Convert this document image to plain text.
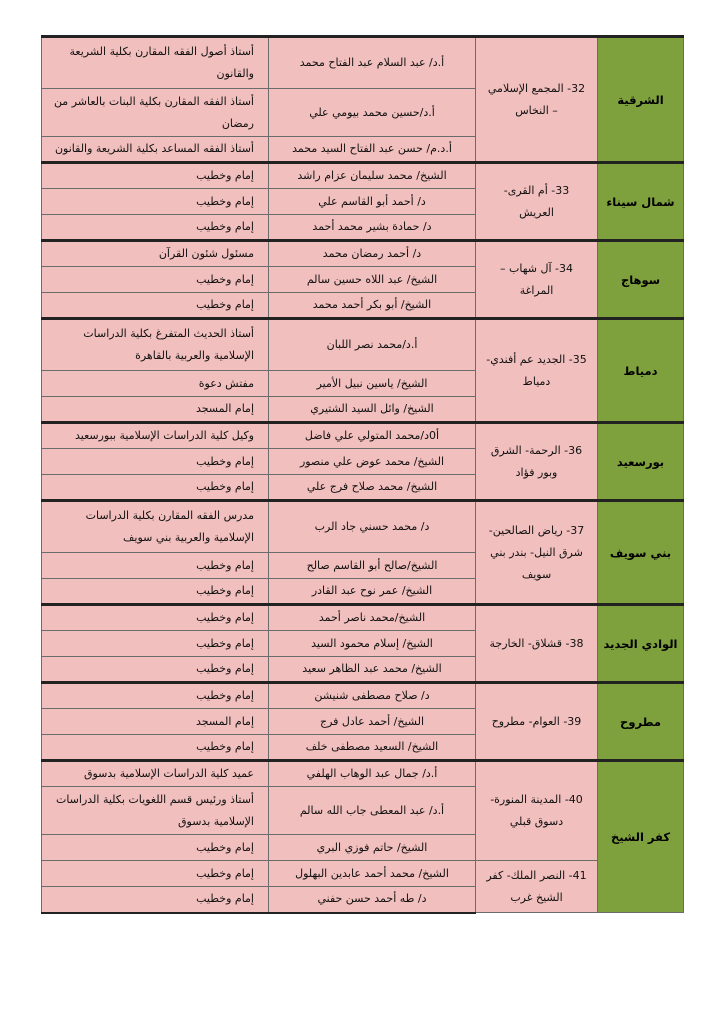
الشرقية	32- المجمع الإسلامي – النخاس	أ.د/ عبد السلام عبد الفتاح محمد	أستاذ أصول الفقه المقارن بكلية الشريعة والقانون
		أ.د/حسين محمد بيومي علي	أستاذ الفقه المقارن بكلية البنات بالعاشر من رمضان
		أ.د.م/ حسن عبد الفتاح السيد محمد	أستاذ الفقه المساعد بكلية الشريعة والقانون
شمال سيناء	33- أم القرى- العريش	الشيخ/ محمد سليمان عزام راشد	إمام وخطيب
		د/ أحمد أبو القاسم علي	إمام وخطيب
		د/ حمادة بشير محمد أحمد	إمام وخطيب
سوهاج	34- آل شهاب – المراغة	د/ أحمد رمضان محمد	مسئول شئون القرآن
		الشيخ/ عبد اللاه حسين سالم	إمام وخطيب
		الشيخ/ أبو بكر أحمد محمد	إمام وخطيب
دمياط	35- الجديد عم أفندي- دمياط	أ.د/محمد نصر اللبان	أستاذ الحديث المتفرغ بكلية الدراسات الإسلامية والعربية بالقاهرة
		الشيخ/ ياسين نبيل الأمير	مفتش دعوة
		الشيخ/ وائل السيد الشتيري	إمام المسجد
بورسعيد	36- الرحمة- الشرق وبور فؤاد	أ0د/محمد المتولي علي فاضل	وكيل كلية الدراسات الإسلامية ببورسعيد
		الشيخ/ محمد عوض علي منصور	إمام وخطيب
		الشيخ/ محمد صلاح فرج علي	إمام وخطيب
بني سويف	37- رياض الصالحين- شرق النيل- بندر بني سويف	د/ محمد حسني جاد الرب	مدرس الفقه المقارن بكلية الدراسات الإسلامية والعربية بني سويف
		الشيخ/صالح أبو القاسم صالح	إمام وخطيب
		الشيخ/ عمر نوح عبد القادر	إمام وخطيب
الوادي الجديد	38- قشلاق- الخارجة	الشيخ/محمد ناصر أحمد	إمام وخطيب
		الشيخ/ إسلام محمود السيد	إمام وخطيب
		الشيخ/ محمد عبد الظاهر سعيد	إمام وخطيب
مطروح	39- العوام- مطروح	د/ صلاح مصطفى شنيشن	إمام وخطيب
		الشيخ/ أحمد عادل فرج	إمام المسجد
		الشيخ/ السعيد مصطفى خلف	إمام وخطيب
كفر الشيخ	40- المدينة المنورة- دسوق قبلي	أ.د/ جمال عبد الوهاب الهلفي	عميد كلية الدراسات الإسلامية بدسوق
		أ.د/ عبد المعطى جاب الله سالم	أستاذ ورئيس قسم اللغويات بكلية الدراسات الإسلامية بدسوق
		الشيخ/ حاتم فوزي البري	إمام وخطيب
	41- النصر الملك- كفر الشيخ غرب	الشيخ/ محمد أحمد عابدين البهلول	إمام وخطيب
		د/ طه أحمد حسن حفني	إمام وخطيب
